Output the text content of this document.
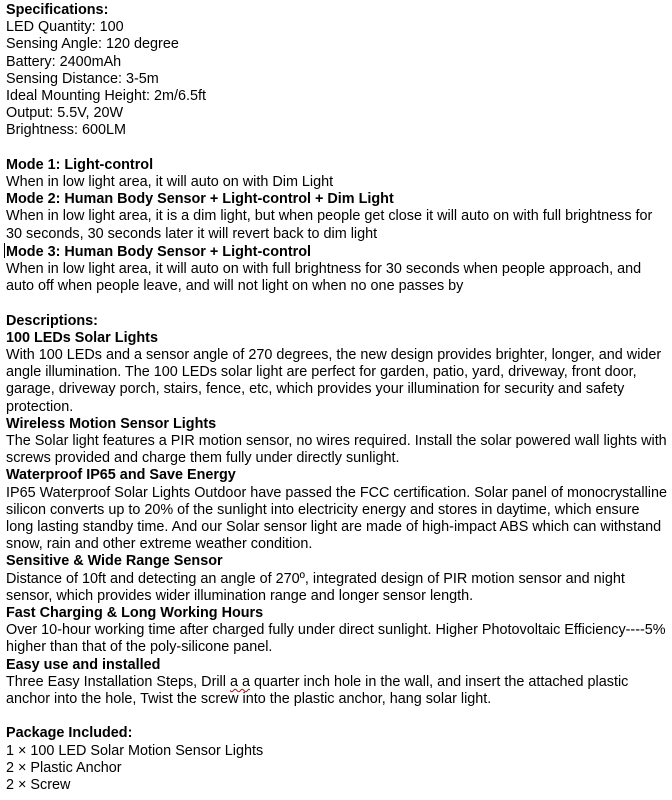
Specifications:
LED Quantity: 100
Sensing Angle: 120 degree
Battery: 2400mAh
Sensing Distance: 3-5m
Ideal Mounting Height: 2m/6.5ft
Output: 5.5V, 20W
Brightness: 600LM
Mode 1: Light-control
When in low light area, it will auto on with Dim Light
Mode 2: Human Body Sensor + Light-control + Dim Light
When in low light area, it is a dim light, but when people get close it will auto on with full brightness for 30 seconds, 30 seconds later it will revert back to dim light
Mode 3: Human Body Sensor + Light-control
When in low light area, it will auto on with full brightness for 30 seconds when people approach, and auto off when people leave, and will not light on when no one passes by
Descriptions:
100 LEDs Solar Lights
With 100 LEDs and a sensor angle of 270 degrees, the new design provides brighter, longer, and wider angle illumination. The 100 LEDs solar light are perfect for garden, patio, yard, driveway, front door, garage, driveway porch, stairs, fence, etc, which provides your illumination for security and safety protection.
Wireless Motion Sensor Lights
The Solar light features a PIR motion sensor, no wires required. Install the solar powered wall lights with screws provided and charge them fully under directly sunlight.
Waterproof IP65 and Save Energy
IP65 Waterproof Solar Lights Outdoor have passed the FCC certification. Solar panel of monocrystalline silicon converts up to 20% of the sunlight into electricity energy and stores in daytime, which ensure long lasting standby time. And our Solar sensor light are made of high-impact ABS which can withstand snow, rain and other extreme weather condition.
Sensitive & Wide Range Sensor
Distance of 10ft and detecting an angle of 270º, integrated design of PIR motion sensor and night sensor, which provides wider illumination range and longer sensor length.
Fast Charging & Long Working Hours
Over 10-hour working time after charged fully under direct sunlight. Higher Photovoltaic Efficiency----5% higher than that of the poly-silicone panel.
Easy use and installed
Three Easy Installation Steps, Drill a a quarter inch hole in the wall, and insert the attached plastic anchor into the hole, Twist the screw into the plastic anchor, hang solar light.
Package Included:
1 × 100 LED Solar Motion Sensor Lights
2 × Plastic Anchor
2 × Screw
